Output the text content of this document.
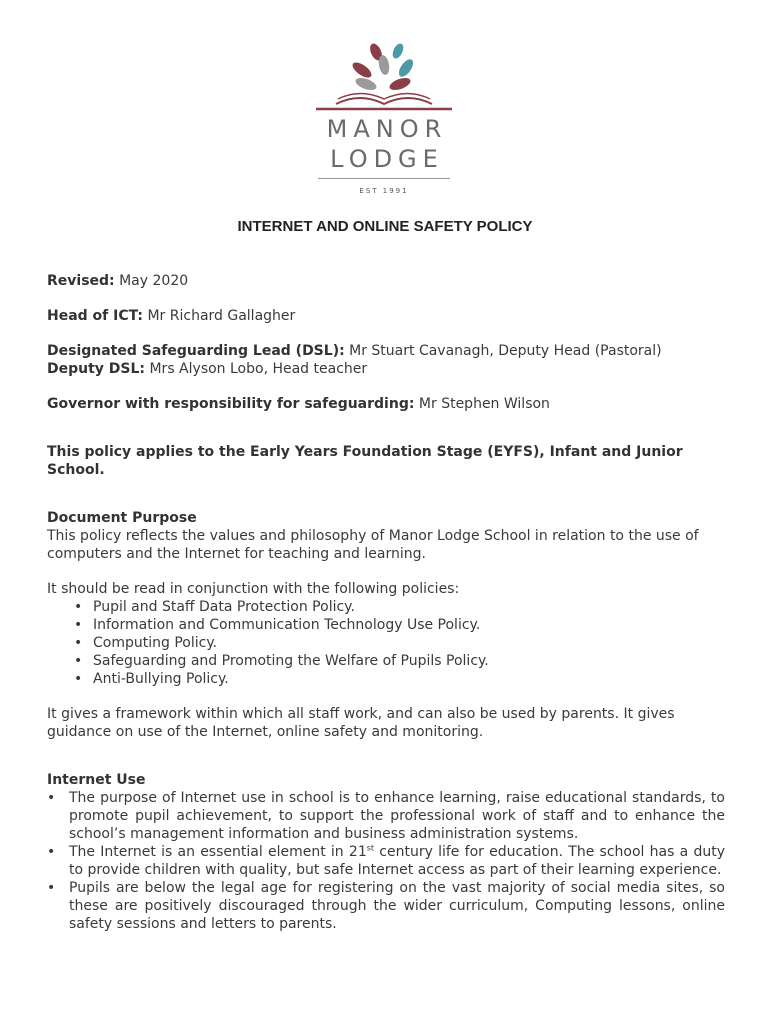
MANOR
LODGE
EST 1991
INTERNET AND ONLINE SAFETY POLICY

Revised: May 2020

Head of ICT: Mr Richard Gallagher

Designated Safeguarding Lead (DSL): Mr Stuart Cavanagh, Deputy Head (Pastoral)

Deputy DSL: Mrs Alyson Lobo, Head teacher

Governor with responsibility for safeguarding: Mr Stephen Wilson

This policy applies to the Early Years Foundation Stage (EYFS), Infant and Junior School.

Document Purpose

This policy reflects the values and philosophy of Manor Lodge School in relation to the use of computers and the Internet for teaching and learning.

It should be read in conjunction with the following policies:

• Pupil and Staff Data Protection Policy.
• Information and Communication Technology Use Policy.
• Computing Policy.
• Safeguarding and Promoting the Welfare of Pupils Policy.
• Anti-Bullying Policy.

It gives a framework within which all staff work, and can also be used by parents. It gives guidance on use of the Internet, online safety and monitoring.

Internet Use

• The purpose of Internet use in school is to enhance learning, raise educational standards, to promote pupil achievement, to support the professional work of staff and to enhance the school’s management information and business administration systems.
• The Internet is an essential element in 21st century life for education. The school has a duty to provide children with quality, but safe Internet access as part of their learning experience.
• Pupils are below the legal age for registering on the vast majority of social media sites, so these are positively discouraged through the wider curriculum, Computing lessons, online safety sessions and letters to parents.
